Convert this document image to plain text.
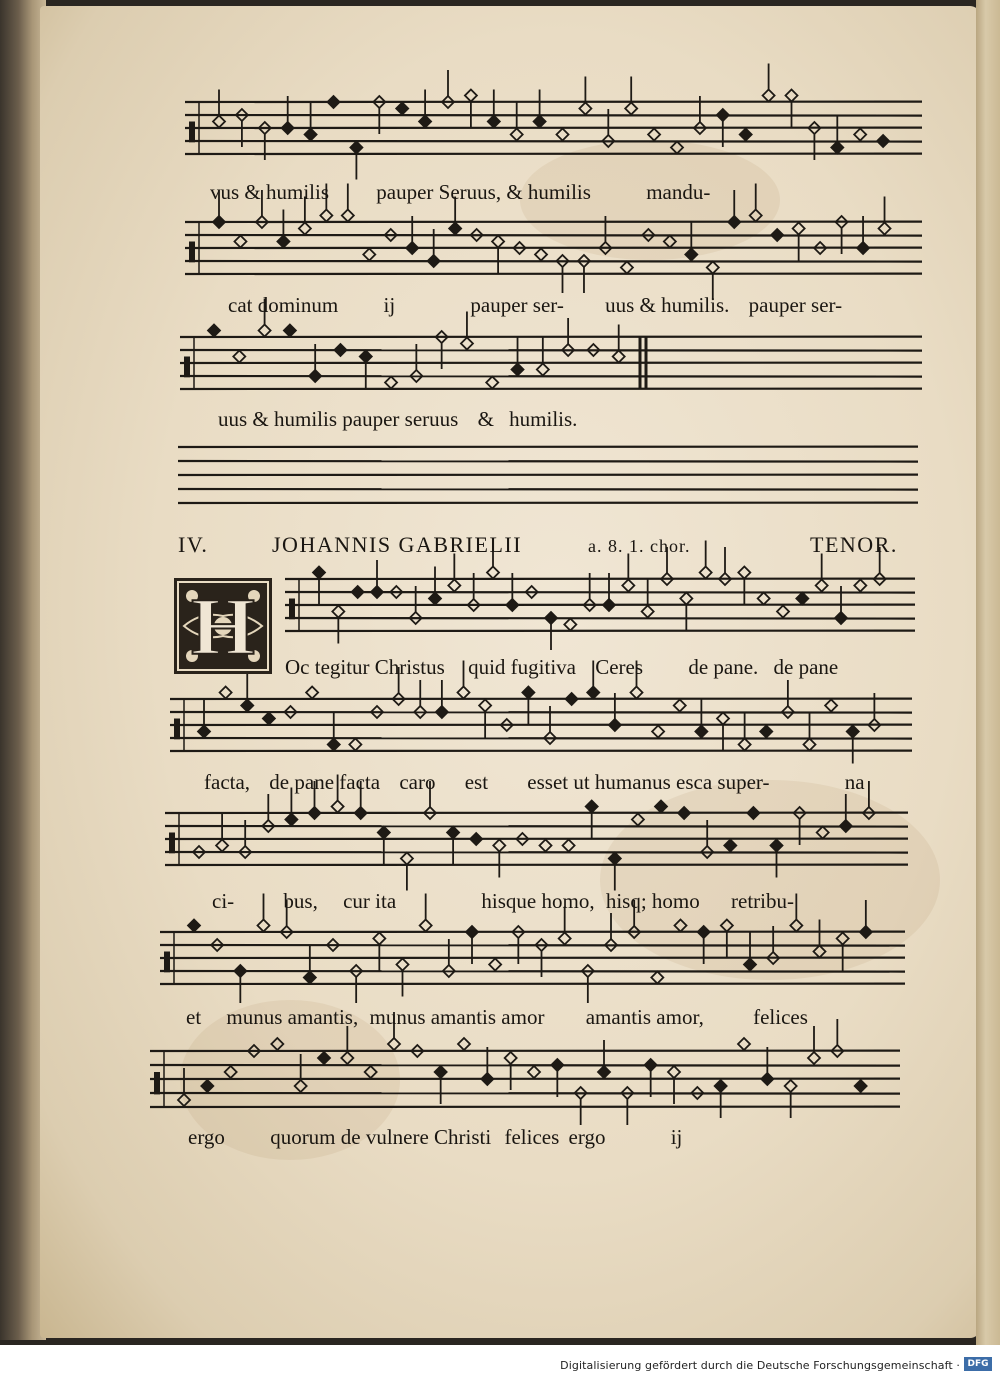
vus & humilis pauper Seruus, & humilis	mandu-
cat dominum ij	pauper ser- uus & humilis. pauper ser-
uus & humilis pauper seruus & humilis.
IV.	JOHANNIS GABRIELII	a. 8. 1. chor.	TENOR.
H Oc tegitur Christus quid fugitiva Ceres de pane. de pane
facta, de pane facta caro est esset ut humanus esca super-	na
ci- bus, cur ita	hisque homo, hisq; homo retribu-
et munus amantis, munus amantis amor amantis amor, felices
ergo quorum de vulnere Christi felices ergo	ij
Digitalisierung gefördert durch die Deutsche Forschungsgemeinschaft · DFG
